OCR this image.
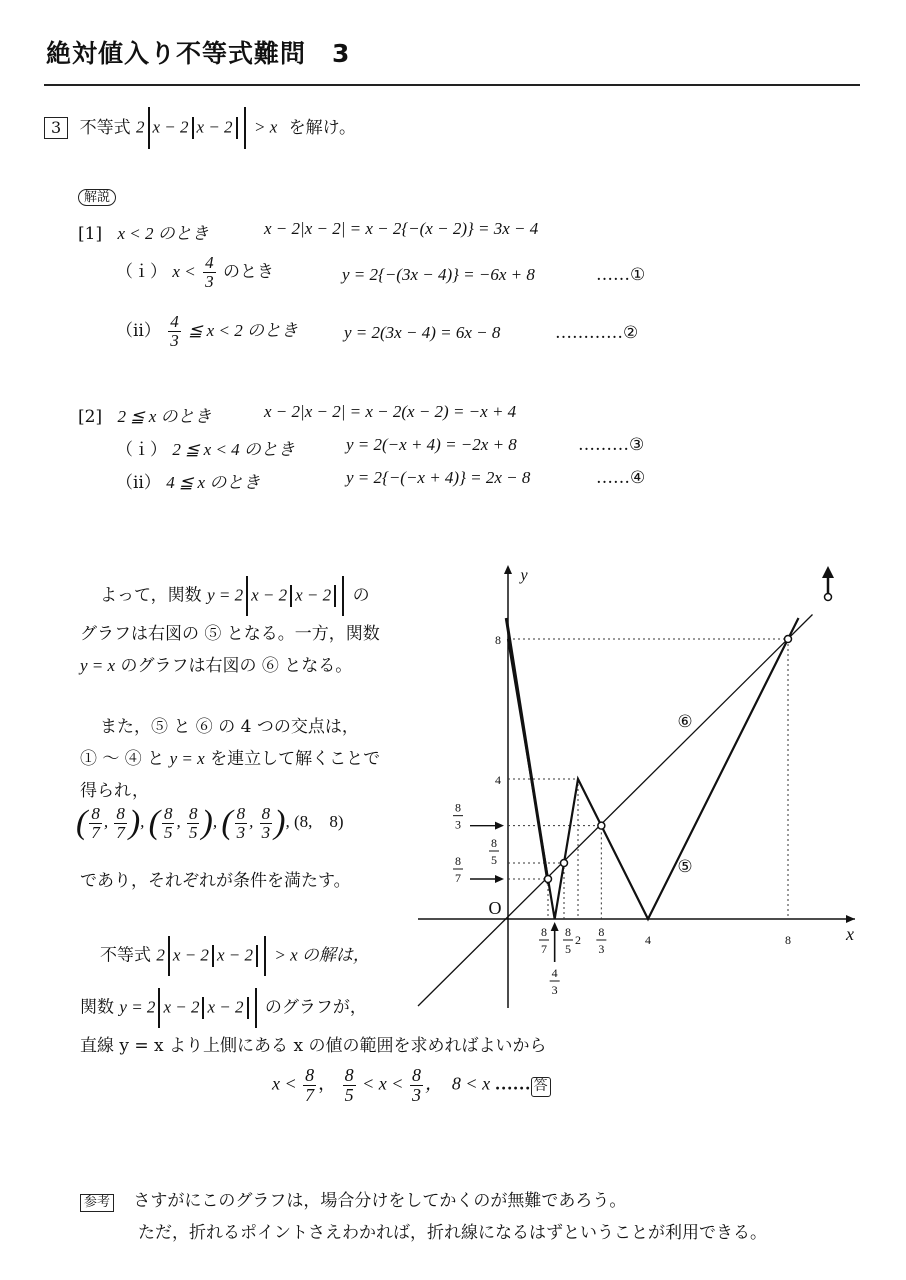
絶対値入り不等式難問　3
3 不等式 2 x − 2 x − 2 > x を解け。
解説
[1] x < 2 のとき	x − 2|x − 2| = x − 2{−(x − 2)} = 3x − 4
（ｉ） $x < \frac{4}{3}$ のとき	y = 2{−(3x − 4)} = −6x + 8	……①
（ⅱ） $\frac{4}{3}$ ≦ x < 2 のとき	y = 2(3x − 4) = 6x − 8	…………②
[2] 2 ≦ x のとき	x − 2|x − 2| = x − 2(x − 2) = −x + 4
（ｉ） 2 ≦ x < 4 のとき	y = 2(−x + 4) = −2x + 8	………③
（ⅱ） 4 ≦ x のとき	y = 2{−(−x + 4)} = 2x − 8	……④
よって，関数 y = 2 x − 2 x − 2 の
グラフは右図の ⑤ となる。一方，関数
y = x のグラフは右図の ⑥ となる。
また，⑤ と ⑥ の 4 つの交点は，
① 〜 ④ と y = x を連立して解くことで
得られ，
( $\frac{8}{7}$ , $\frac{8}{7}$ ), ( $\frac{8}{5}$ , $\frac{8}{5}$ ), ( $\frac{8}{3}$ , $\frac{8}{3}$ ), (8,　8)
であり，それぞれが条件を満たす。
不等式 2 x − 2 x − 2 > x の解は，
関数 y = 2 x − 2 x − 2 のグラフが，
直線 y = x より上側にある x の値の範囲を求めればよいから
$x < \frac{8}{7}$ ， $\frac{8}{5} < x < \frac{8}{3}$ ，　8 < x …… 答
参考 さすがにこのグラフは，場合分けをしてかくのが無難であろう。
ただ，折れるポイントさえわかれば，折れ線になるはずということが利用できる。
x
y
O
⑥
⑤
2	4	8
8
7
8
5
8
3
4
3
8
4
8
3
8
5
8
7
